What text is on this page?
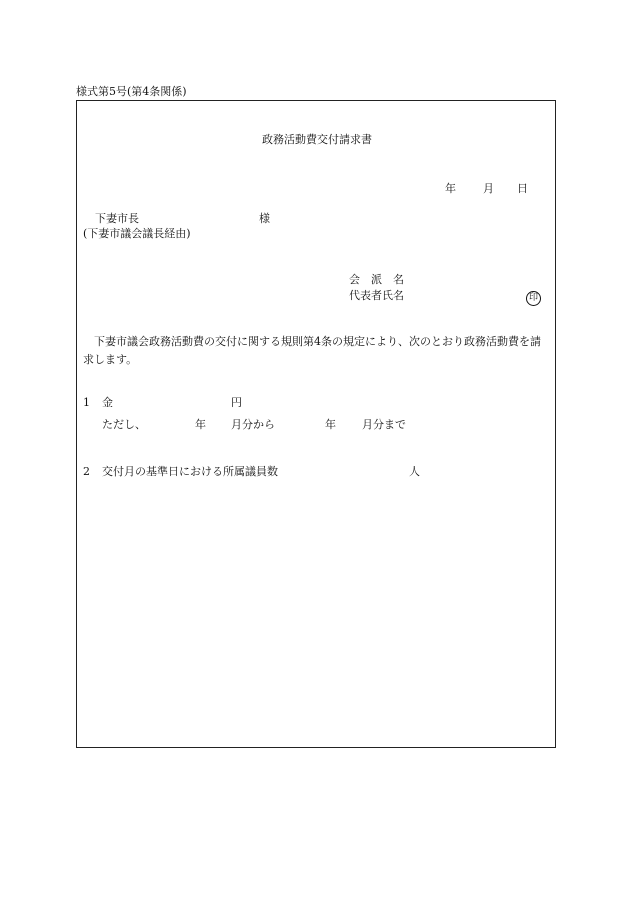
様式第5号(第4条関係)
政務活動費交付請求書
年 月 日
下妻市長	様
(下妻市議会議長経由)
会　派　名
代表者氏名	印
　下妻市議会政務活動費の交付に関する規則第4条の規定により、次のとおり政務活動費を請求します。
1 金	円
ただし、	年 月分から	年 月分まで
2 交付月の基準日における所属議員数	人
